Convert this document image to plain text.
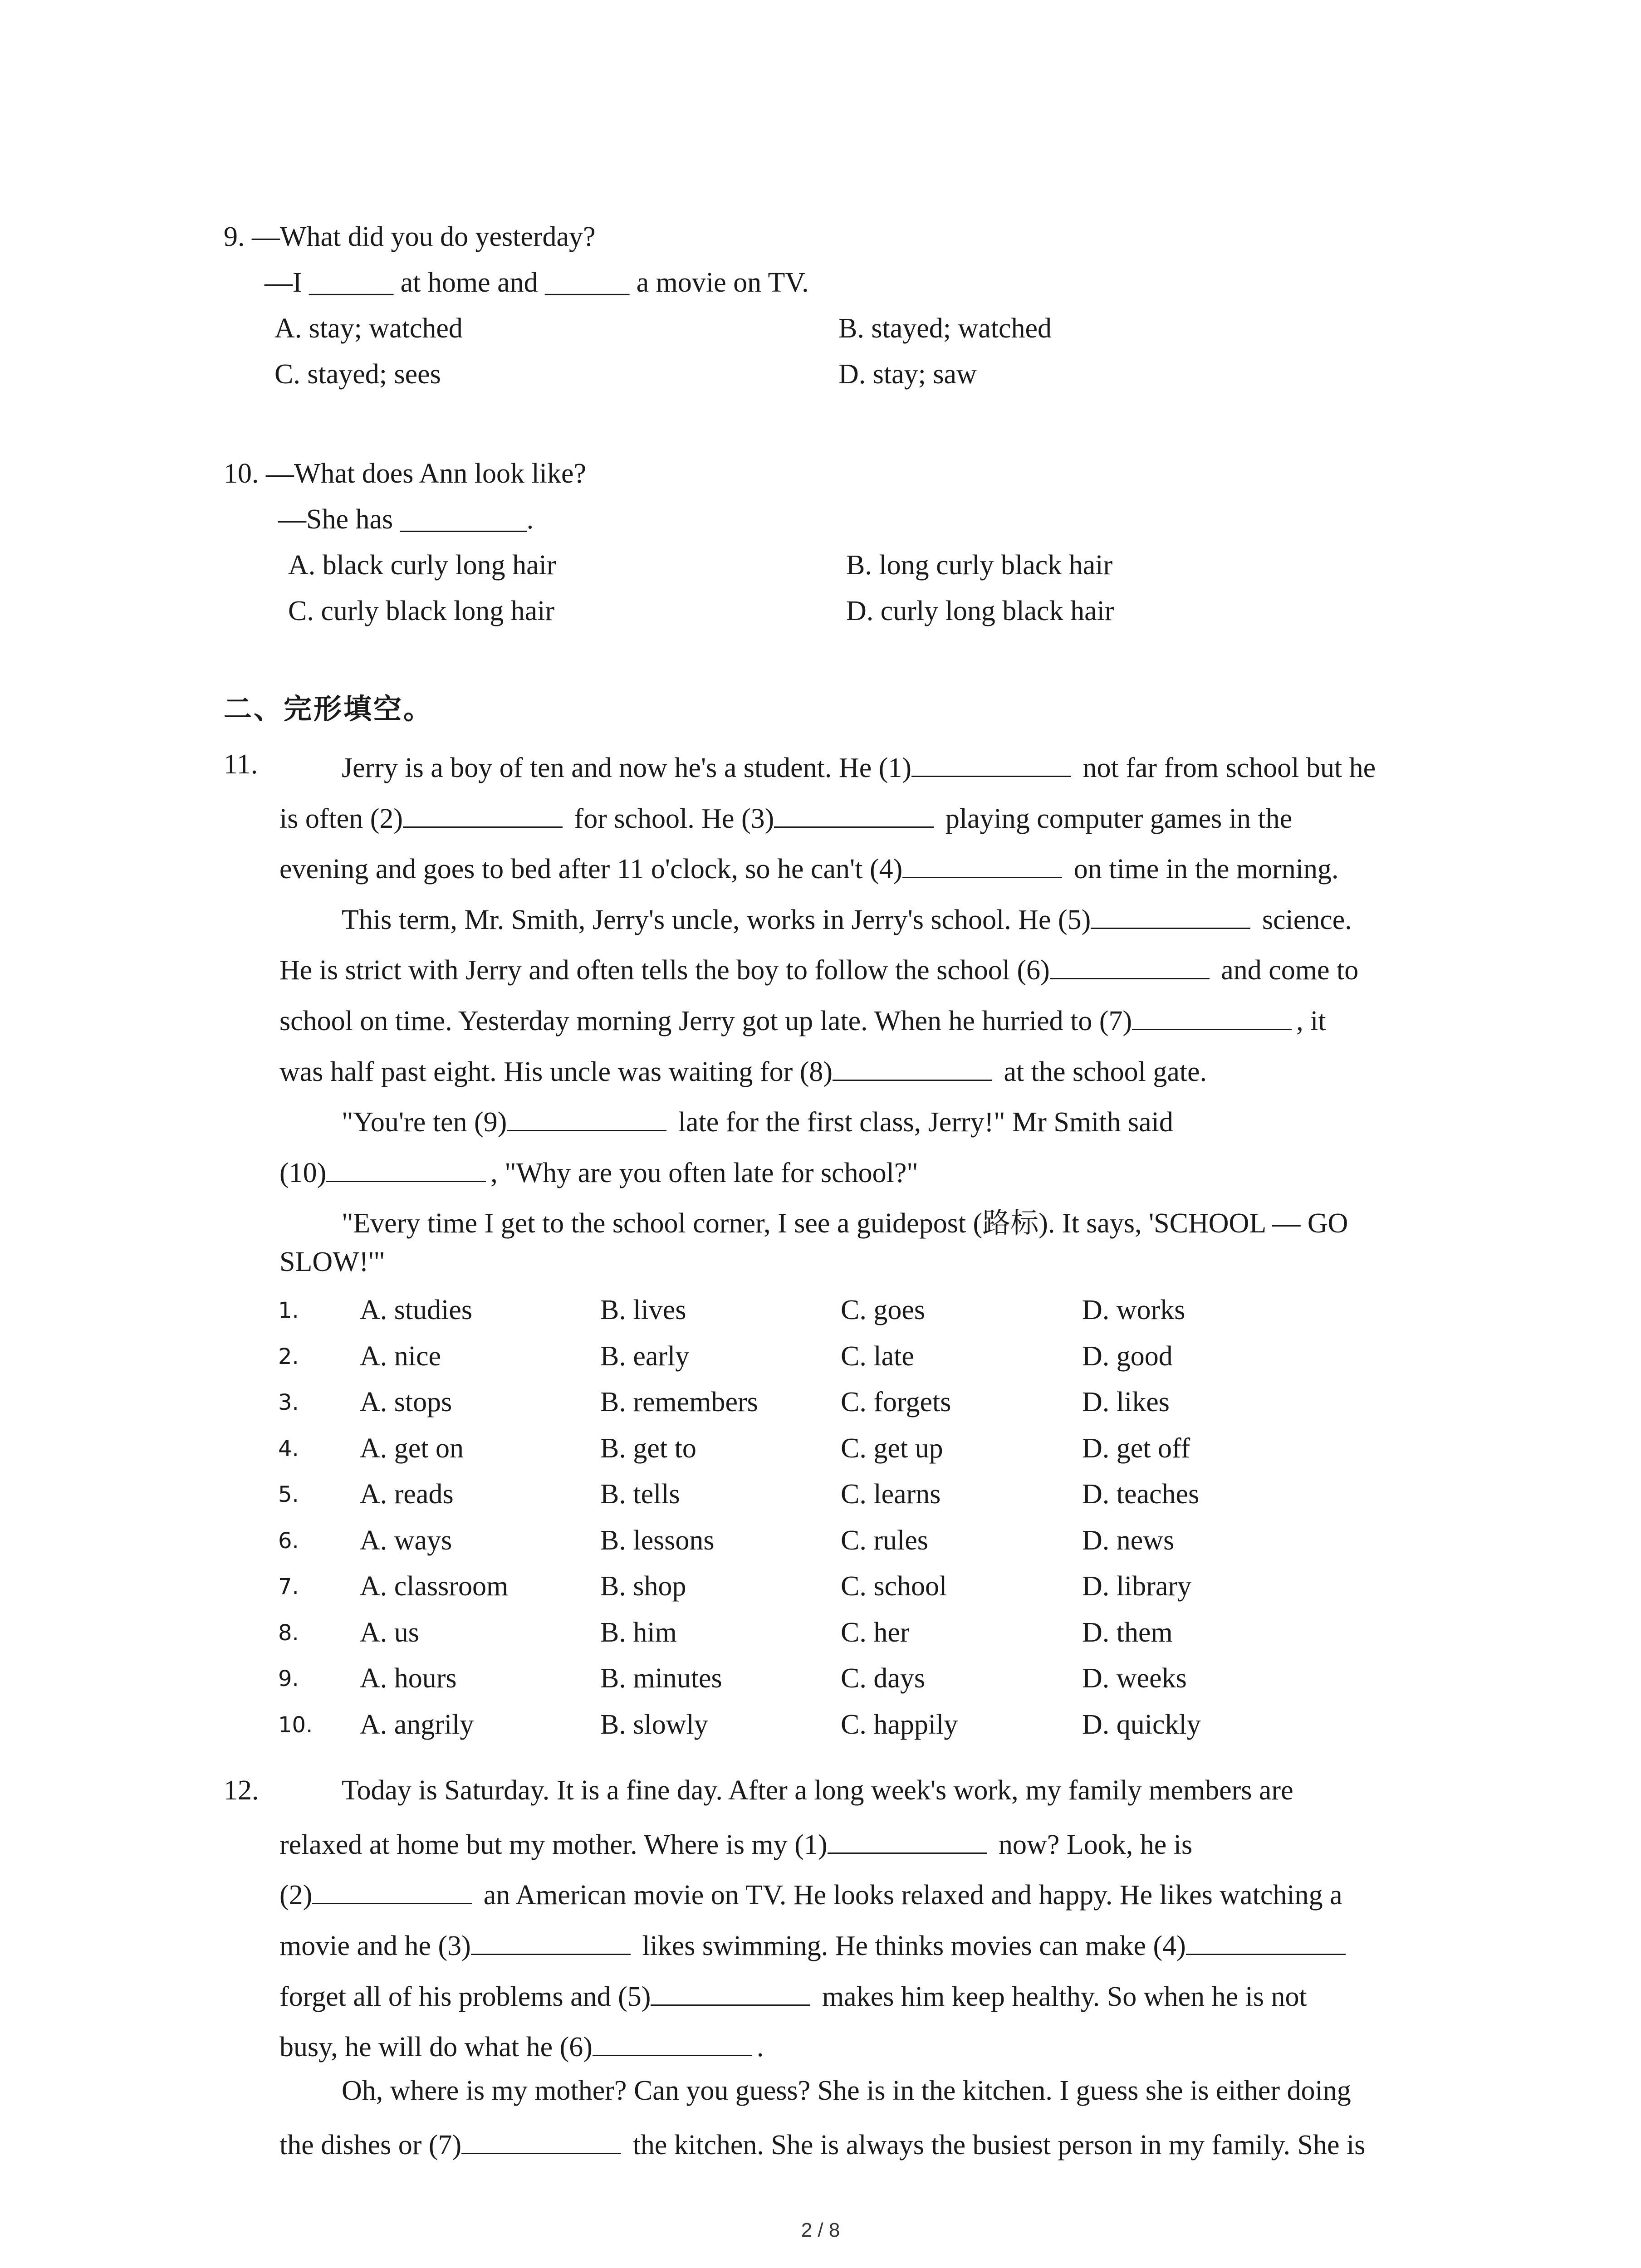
9. —What did you do yesterday?
—I ______ at home and ______ a movie on TV.
A. stay; watched	B. stayed; watched
C. stayed; sees	D. stay; saw
10. —What does Ann look like?
—She has _________.
A. black curly long hair	B. long curly black hair
C. curly black long hair	D. curly long black hair
二、完形填空。
11.	Jerry is a boy of ten and now he's a student. He (1)	not far from school but he
is often (2)	for school. He (3)	playing computer games in the
evening and goes to bed after 11 o'clock, so he can't (4)	on time in the morning.
This term, Mr. Smith, Jerry's uncle, works in Jerry's school. He (5)	science.
He is strict with Jerry and often tells the boy to follow the school (6)	and come to
school on time. Yesterday morning Jerry got up late. When he hurried to (7)	, it
was half past eight. His uncle was waiting for (8)	at the school gate.
"You're ten (9)	late for the first class, Jerry!" Mr Smith said
(10)	, "Why are you often late for school?"
"Every time I get to the school corner, I see a guidepost (路标). It says, 'SCHOOL — GO
SLOW!'"
1. A. studies	B. lives	C. goes	D. works
2. A. nice	B. early	C. late	D. good
3. A. stops	B. remembers	C. forgets	D. likes
4. A. get on	B. get to	C. get up	D. get off
5. A. reads	B. tells	C. learns	D. teaches
6. A. ways	B. lessons	C. rules	D. news
7. A. classroom	B. shop	C. school	D. library
8. A. us	B. him	C. her	D. them
9. A. hours	B. minutes	C. days	D. weeks
10. A. angrily	B. slowly	C. happily	D. quickly
12.	Today is Saturday. It is a fine day. After a long week's work, my family members are
relaxed at home but my mother. Where is my (1)	now? Look, he is
(2)	an American movie on TV. He looks relaxed and happy. He likes watching a
movie and he (3)	likes swimming. He thinks movies can make (4)
forget all of his problems and (5)	makes him keep healthy. So when he is not
busy, he will do what he (6)	.
Oh, where is my mother? Can you guess? She is in the kitchen. I guess she is either doing
the dishes or (7)	the kitchen. She is always the busiest person in my family. She is
2 / 8
